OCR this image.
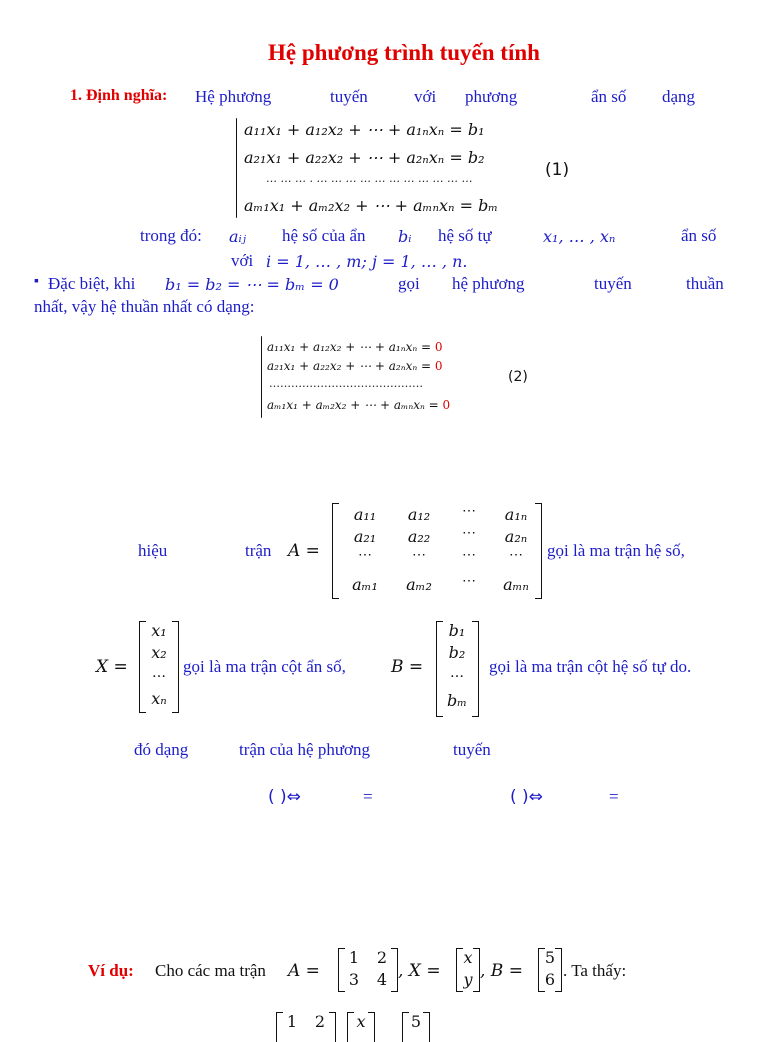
Hệ phương trình tuyến tính
1. Định nghĩa: Hệ phương	tuyến	với phương	ẩn số dạng
a₁₁x₁ + a₁₂x₂ + ⋯ + a₁ₙxₙ = b₁
a₂₁x₁ + a₂₂x₂ + ⋯ + a₂ₙxₙ = b₂
… … … . … … … … … … … … … … …
aₘ₁x₁ + aₘ₂x₂ + ⋯ + aₘₙxₙ = bₘ
(1)
trong đó: aᵢⱼ hệ số của ẩn bᵢ hệ số tự	x₁, … , xₙ	ẩn số
với i = 1, … , m; j = 1, … , n.
▪ Đặc biệt, khi b₁ = b₂ = ⋯ = bₘ = 0	gọi hệ phương	tuyến	thuần
nhất, vậy hệ thuần nhất có dạng:
a₁₁x₁ + a₁₂x₂ + ⋯ + a₁ₙxₙ = 0
a₂₁x₁ + a₂₂x₂ + ⋯ + a₂ₙxₙ = 0
……………………………………
aₘ₁x₁ + aₘ₂x₂ + ⋯ + aₘₙxₙ = 0
(2)
hiệu	trận A =
a₁₁	a₁₂	⋯	a₁ₙ
a₂₁	a₂₂	⋯	a₂ₙ
⋯	⋯	⋯	⋯
aₘ₁	aₘ₂	⋯	aₘₙ
gọi là ma trận hệ số,
X =
x₁
x₂
…
xₙ
gọi là ma trận cột ẩn số,	B =
b₁
b₂
…
bₘ
gọi là ma trận cột hệ số tự do.
đó dạng	trận của hệ phương	tuyến
( )⇔	=	( )⇔	=
Ví dụ: Cho các ma trận A =
1	2
3	4 , X =
x
y , B =
5
6 . Ta thấy:
1	2	x	5
